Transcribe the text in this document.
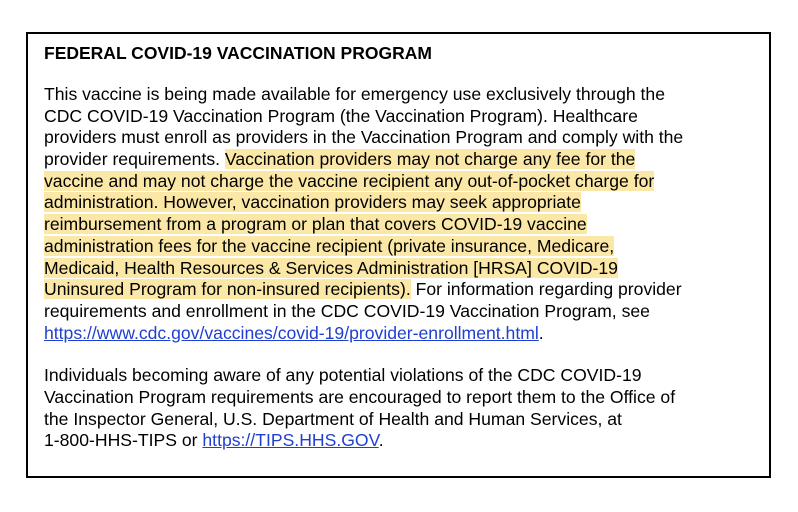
FEDERAL COVID-19 VACCINATION PROGRAM
This vaccine is being made available for emergency use exclusively through the
CDC COVID-19 Vaccination Program (the Vaccination Program). Healthcare
providers must enroll as providers in the Vaccination Program and comply with the
provider requirements. Vaccination providers may not charge any fee for the
vaccine and may not charge the vaccine recipient any out-of-pocket charge for
administration. However, vaccination providers may seek appropriate
reimbursement from a program or plan that covers COVID-19 vaccine
administration fees for the vaccine recipient (private insurance, Medicare,
Medicaid, Health Resources & Services Administration [HRSA] COVID-19
Uninsured Program for non-insured recipients). For information regarding provider
requirements and enrollment in the CDC COVID-19 Vaccination Program, see
https://www.cdc.gov/vaccines/covid-19/provider-enrollment.html.
Individuals becoming aware of any potential violations of the CDC COVID-19
Vaccination Program requirements are encouraged to report them to the Office of
the Inspector General, U.S. Department of Health and Human Services, at
1-800-HHS-TIPS or https://TIPS.HHS.GOV.
